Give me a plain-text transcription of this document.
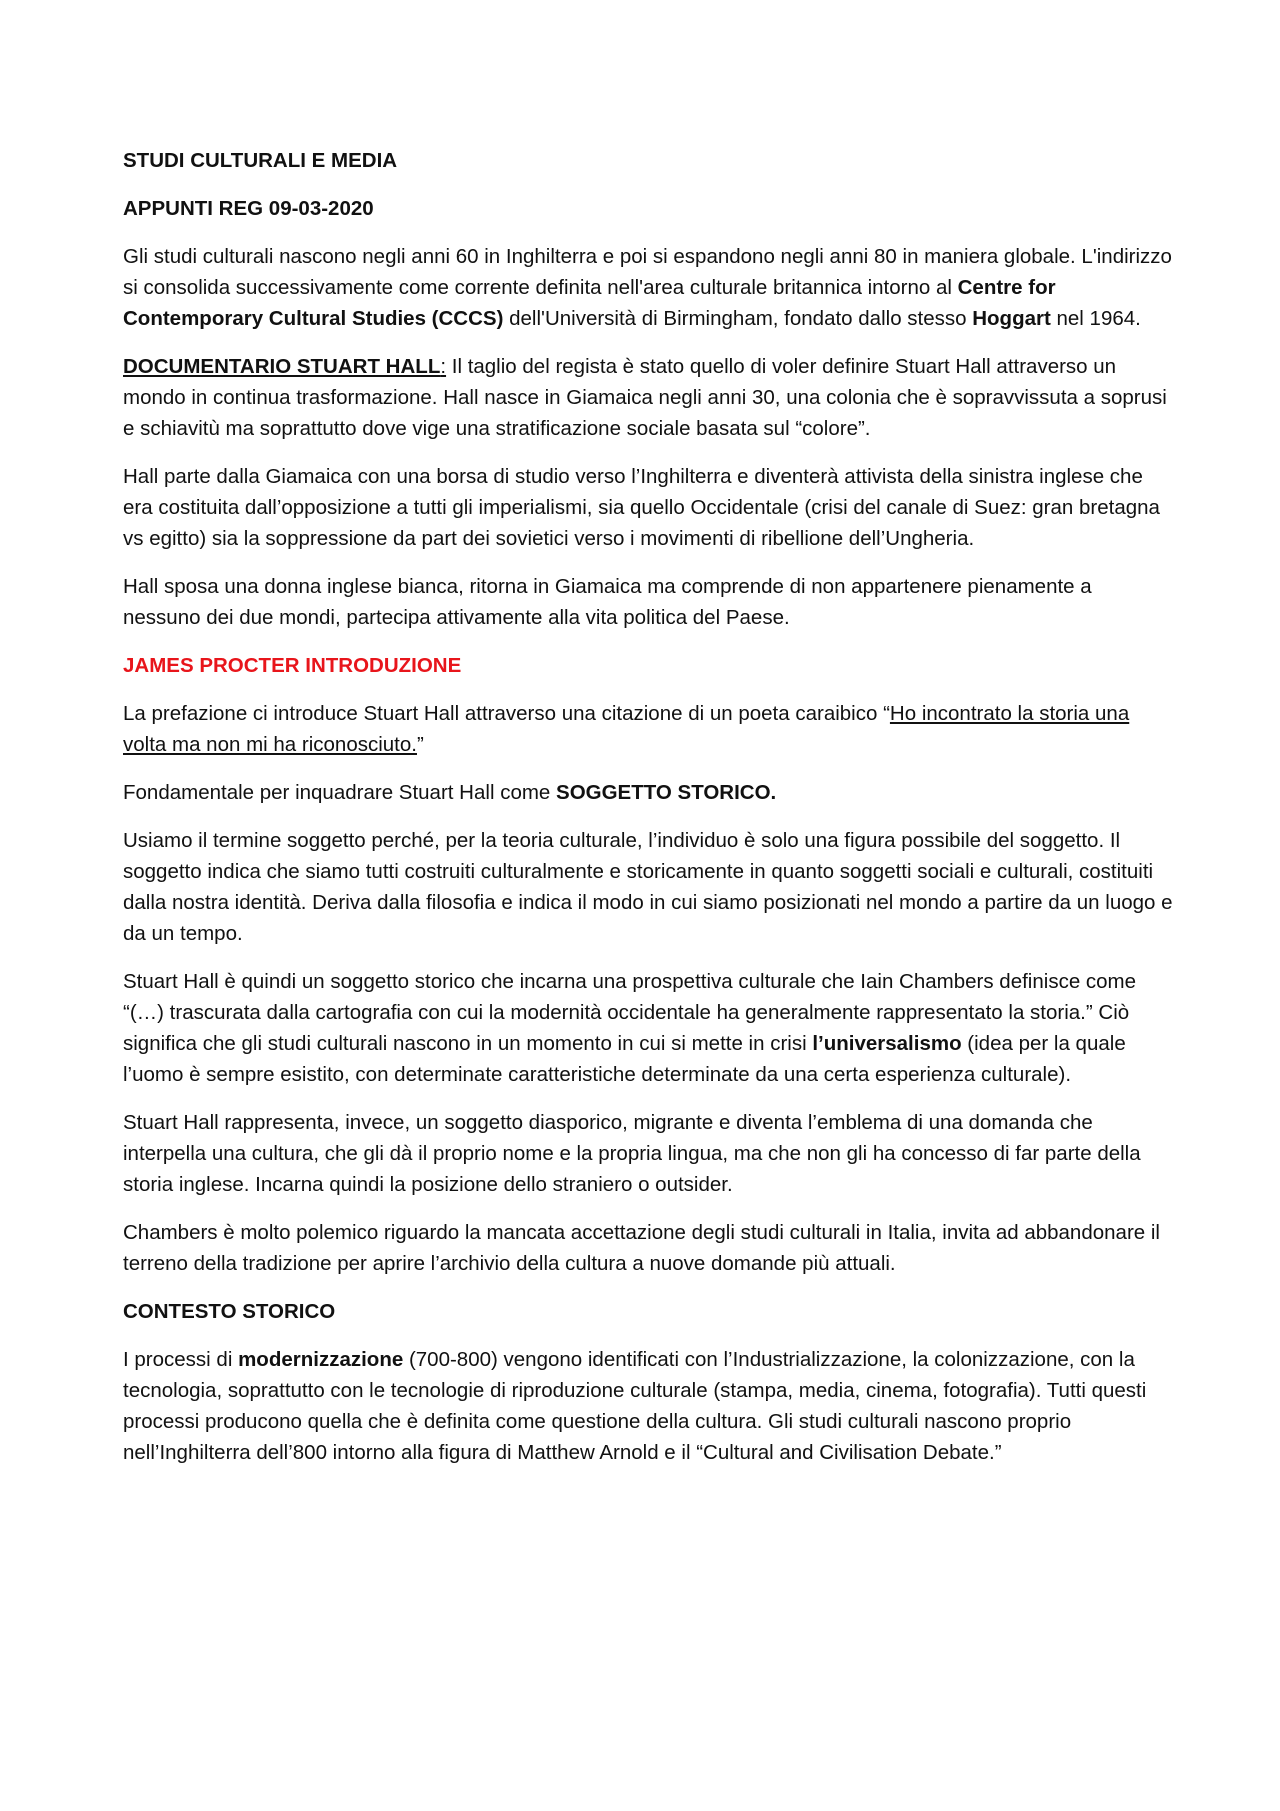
STUDI CULTURALI E MEDIA

APPUNTI REG 09-03-2020

Gli studi culturali nascono negli anni 60 in Inghilterra e poi si espandono negli anni 80 in maniera globale. L'indirizzo si consolida successivamente come corrente definita nell'area culturale britannica intorno al Centre for Contemporary Cultural Studies (CCCS) dell'Università di Birmingham, fondato dallo stesso Hoggart nel 1964.

DOCUMENTARIO STUART HALL: Il taglio del regista è stato quello di voler definire Stuart Hall attraverso un mondo in continua trasformazione. Hall nasce in Giamaica negli anni 30, una colonia che è sopravvissuta a soprusi e schiavitù ma soprattutto dove vige una stratificazione sociale basata sul “colore”.

Hall parte dalla Giamaica con una borsa di studio verso l’Inghilterra e diventerà attivista della sinistra inglese che era costituita dall’opposizione a tutti gli imperialismi, sia quello Occidentale (crisi del canale di Suez: gran bretagna vs egitto) sia la soppressione da part dei sovietici verso i movimenti di ribellione dell’Ungheria.

Hall sposa una donna inglese bianca, ritorna in Giamaica ma comprende di non appartenere pienamente a nessuno dei due mondi, partecipa attivamente alla vita politica del Paese.

JAMES PROCTER INTRODUZIONE

La prefazione ci introduce Stuart Hall attraverso una citazione di un poeta caraibico “Ho incontrato la storia una volta ma non mi ha riconosciuto.”

Fondamentale per inquadrare Stuart Hall come SOGGETTO STORICO.

Usiamo il termine soggetto perché, per la teoria culturale, l’individuo è solo una figura possibile del soggetto. Il soggetto indica che siamo tutti costruiti culturalmente e storicamente in quanto soggetti sociali e culturali, costituiti dalla nostra identità. Deriva dalla filosofia e indica il modo in cui siamo posizionati nel mondo a partire da un luogo e da un tempo.

Stuart Hall è quindi un soggetto storico che incarna una prospettiva culturale che Iain Chambers definisce come “(…) trascurata dalla cartografia con cui la modernità occidentale ha generalmente rappresentato la storia.” Ciò significa che gli studi culturali nascono in un momento in cui si mette in crisi l’universalismo (idea per la quale l’uomo è sempre esistito, con determinate caratteristiche determinate da una certa esperienza culturale).

Stuart Hall rappresenta, invece, un soggetto diasporico, migrante e diventa l’emblema di una domanda che interpella una cultura, che gli dà il proprio nome e la propria lingua, ma che non gli ha concesso di far parte della storia inglese. Incarna quindi la posizione dello straniero o outsider.

Chambers è molto polemico riguardo la mancata accettazione degli studi culturali in Italia, invita ad abbandonare il terreno della tradizione per aprire l’archivio della cultura a nuove domande più attuali.

CONTESTO STORICO

I processi di modernizzazione (700-800) vengono identificati con l’Industrializzazione, la colonizzazione, con la tecnologia, soprattutto con le tecnologie di riproduzione culturale (stampa, media, cinema, fotografia). Tutti questi processi producono quella che è definita come questione della cultura. Gli studi culturali nascono proprio nell’Inghilterra dell’800 intorno alla figura di Matthew Arnold e il “Cultural and Civilisation Debate.”
